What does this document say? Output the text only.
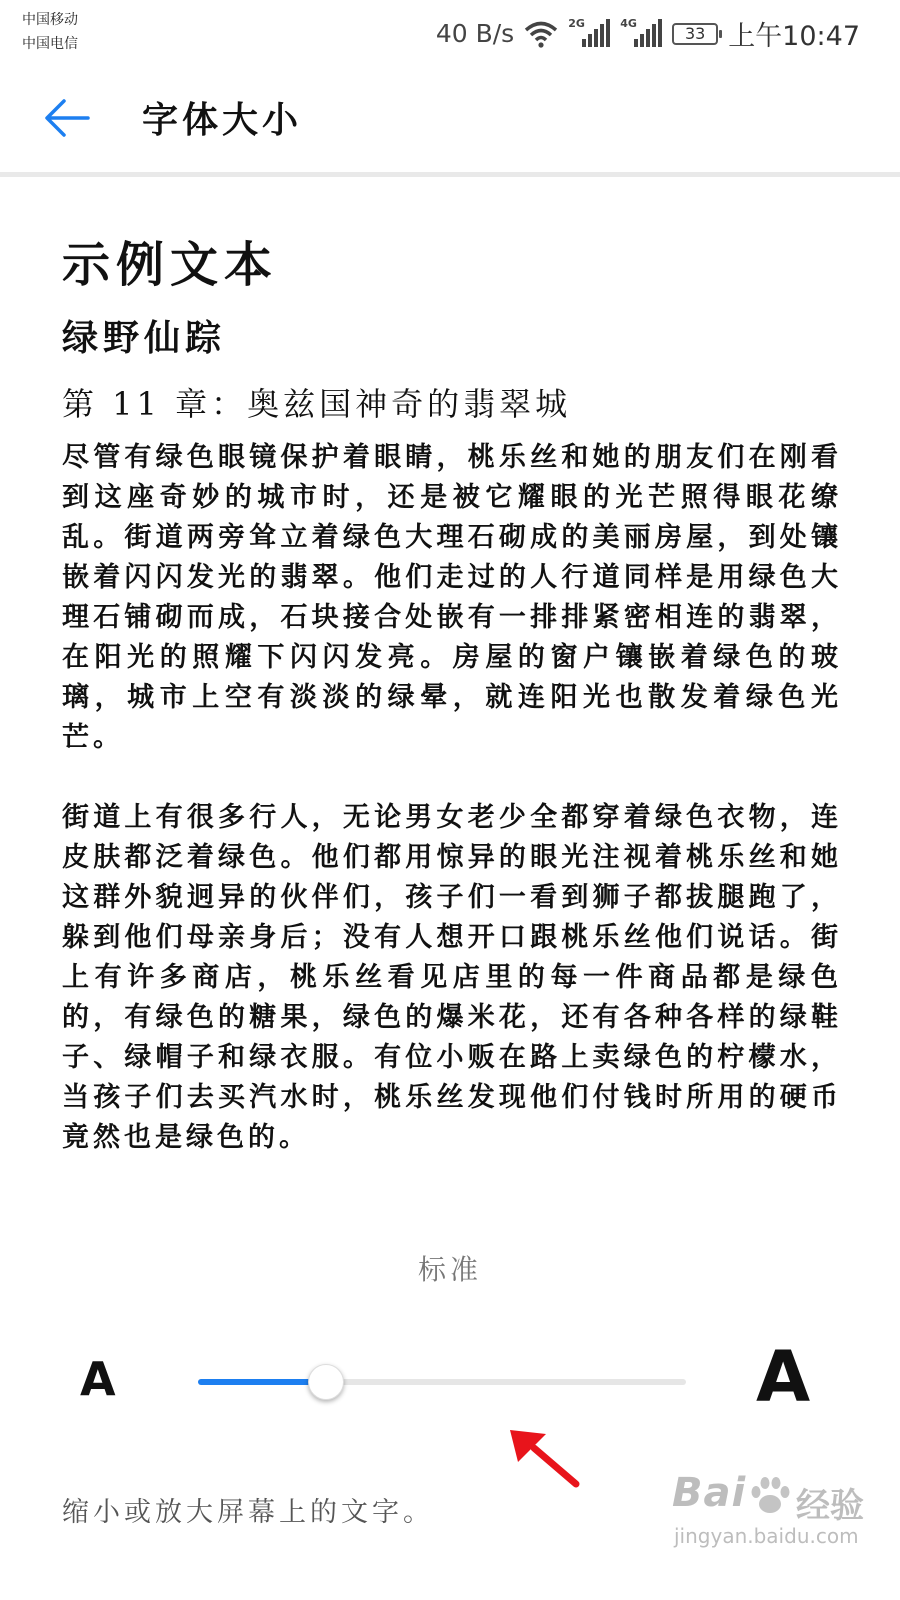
中国移动
中国电信	40 B/s	2G	4G
33 上午10:47
字体大小
示例文本
绿野仙踪
第 11 章：奥兹国神奇的翡翠城

尽管有绿色眼镜保护着眼睛，桃乐丝和她的朋友们在刚看到这座奇妙的城市时，还是被它耀眼的光芒照得眼花缭乱。街道两旁耸立着绿色大理石砌成的美丽房屋，到处镶嵌着闪闪发光的翡翠。他们走过的人行道同样是用绿色大理石铺砌而成，石块接合处嵌有一排排紧密相连的翡翠，在阳光的照耀下闪闪发亮。房屋的窗户镶嵌着绿色的玻璃，城市上空有淡淡的绿晕，就连阳光也散发着绿色光芒。

街道上有很多行人，无论男女老少全都穿着绿色衣物，连皮肤都泛着绿色。他们都用惊异的眼光注视着桃乐丝和她这群外貌迥异的伙伴们，孩子们一看到狮子都拔腿跑了，躲到他们母亲身后；没有人想开口跟桃乐丝他们说话。街上有许多商店，桃乐丝看见店里的每一件商品都是绿色的，有绿色的糖果，绿色的爆米花，还有各种各样的绿鞋子、绿帽子和绿衣服。有位小贩在路上卖绿色的柠檬水，当孩子们去买汽水时，桃乐丝发现他们付钱时所用的硬币竟然也是绿色的。

标准
A	A
缩小或放大屏幕上的文字。	Bai 经验
jingyan.baidu.com
